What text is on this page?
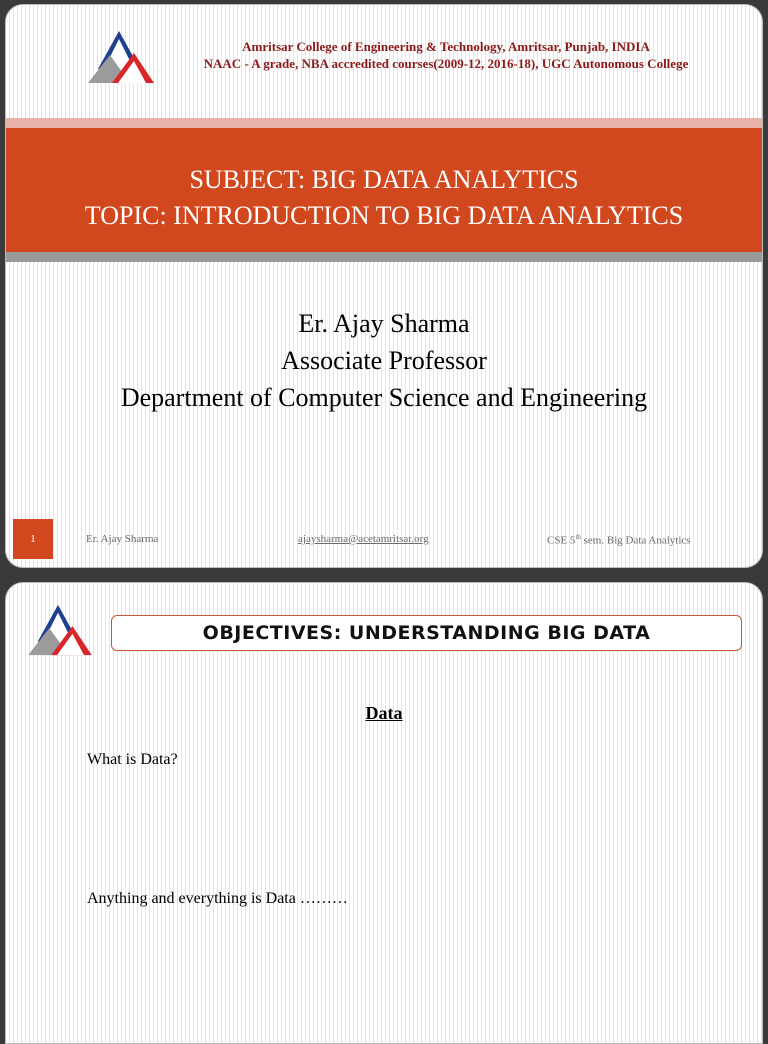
Amritsar College of Engineering & Technology, Amritsar, Punjab, INDIA
NAAC - A grade, NBA accredited courses(2009-12, 2016-18), UGC Autonomous College
SUBJECT: BIG DATA ANALYTICS
TOPIC: INTRODUCTION TO BIG DATA ANALYTICS
Er. Ajay Sharma
Associate Professor
Department of Computer Science and Engineering
1	Er. Ajay Sharma	ajaysharma@acetamritsar.org	CSE 5th sem. Big Data Analytics
OBJECTIVES: UNDERSTANDING BIG DATA
Data
What is Data?
Anything and everything is Data ………
